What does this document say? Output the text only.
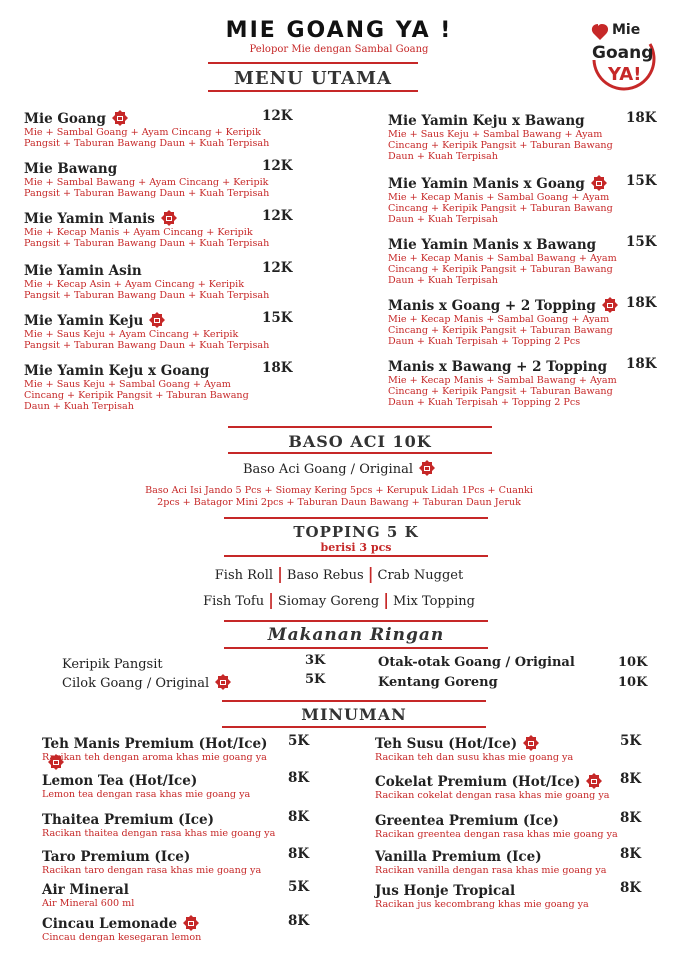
MIE GOANG YA !
Pelopor Mie dengan Sambal Goang
Mie
Goang
YA!
MENU UTAMA
Mie Goang	12K
Mie + Sambal Goang + Ayam Cincang + Keripik Pangsit + Taburan Bawang Daun + Kuah Terpisah
Mie Bawang	12K
Mie + Sambal Bawang + Ayam Cincang + Keripik Pangsit + Taburan Bawang Daun + Kuah Terpisah
Mie Yamin Manis	12K
Mie + Kecap Manis + Ayam Cincang + Keripik Pangsit + Taburan Bawang Daun + Kuah Terpisah
Mie Yamin Asin	12K
Mie + Kecap Asin + Ayam Cincang + Keripik Pangsit + Taburan Bawang Daun + Kuah Terpisah
Mie Yamin Keju	15K
Mie + Saus Keju + Ayam Cincang + Keripik Pangsit + Taburan Bawang Daun + Kuah Terpisah
Mie Yamin Keju x Goang	18K
Mie + Saus Keju + Sambal Goang + Ayam Cincang + Keripik Pangsit + Taburan Bawang Daun + Kuah Terpisah
Mie Yamin Keju x Bawang	18K
Mie + Saus Keju + Sambal Bawang + Ayam Cincang + Keripik Pangsit + Taburan Bawang Daun + Kuah Terpisah
Mie Yamin Manis x Goang	15K
Mie + Kecap Manis + Sambal Goang + Ayam Cincang + Keripik Pangsit + Taburan Bawang Daun + Kuah Terpisah
Mie Yamin Manis x Bawang	15K
Mie + Kecap Manis + Sambal Bawang + Ayam Cincang + Keripik Pangsit + Taburan Bawang Daun + Kuah Terpisah
Manis x Goang + 2 Topping	18K
Mie + Kecap Manis + Sambal Goang + Ayam Cincang + Keripik Pangsit + Taburan Bawang Daun + Kuah Terpisah + Topping 2 Pcs
Manis x Bawang + 2 Topping	18K
Mie + Kecap Manis + Sambal Bawang + Ayam Cincang + Keripik Pangsit + Taburan Bawang Daun + Kuah Terpisah + Topping 2 Pcs
BASO ACI 10K
Baso Aci Goang / Original
Baso Aci Isi Jando 5 Pcs + Siomay Kering 5pcs + Kerupuk Lidah 1Pcs + Cuanki
2pcs + Batagor Mini 2pcs + Taburan Daun Bawang + Taburan Daun Jeruk
TOPPING 5 K
berisi 3 pcs
Fish Roll | Baso Rebus | Crab Nugget
Fish Tofu | Siomay Goreng | Mix Topping
Makanan Ringan
Keripik Pangsit	3K
Cilok Goang / Original	5K
Otak-otak Goang / Original	10K
Kentang Goreng	10K
MINUMAN
Teh Manis Premium (Hot/Ice)	5K
Racikan teh dengan aroma khas mie goang ya
Lemon Tea (Hot/Ice)	8K
Lemon tea dengan rasa khas mie goang ya
Thaitea Premium (Ice)	8K
Racikan thaitea dengan rasa khas mie goang ya
Taro Premium (Ice)	8K
Racikan taro dengan rasa khas mie goang ya
Air Mineral	5K
Air Mineral 600 ml
Cincau Lemonade	8K
Cincau dengan kesegaran lemon
Teh Susu (Hot/Ice)	5K
Racikan teh dan susu khas mie goang ya
Cokelat Premium (Hot/Ice)	8K
Racikan cokelat dengan rasa khas mie goang ya
Greentea Premium (Ice)	8K
Racikan greentea dengan rasa khas mie goang ya
Vanilla Premium (Ice)	8K
Racikan vanilla dengan rasa khas mie goang ya
Jus Honje Tropical	8K
Racikan jus kecombrang khas mie goang ya
